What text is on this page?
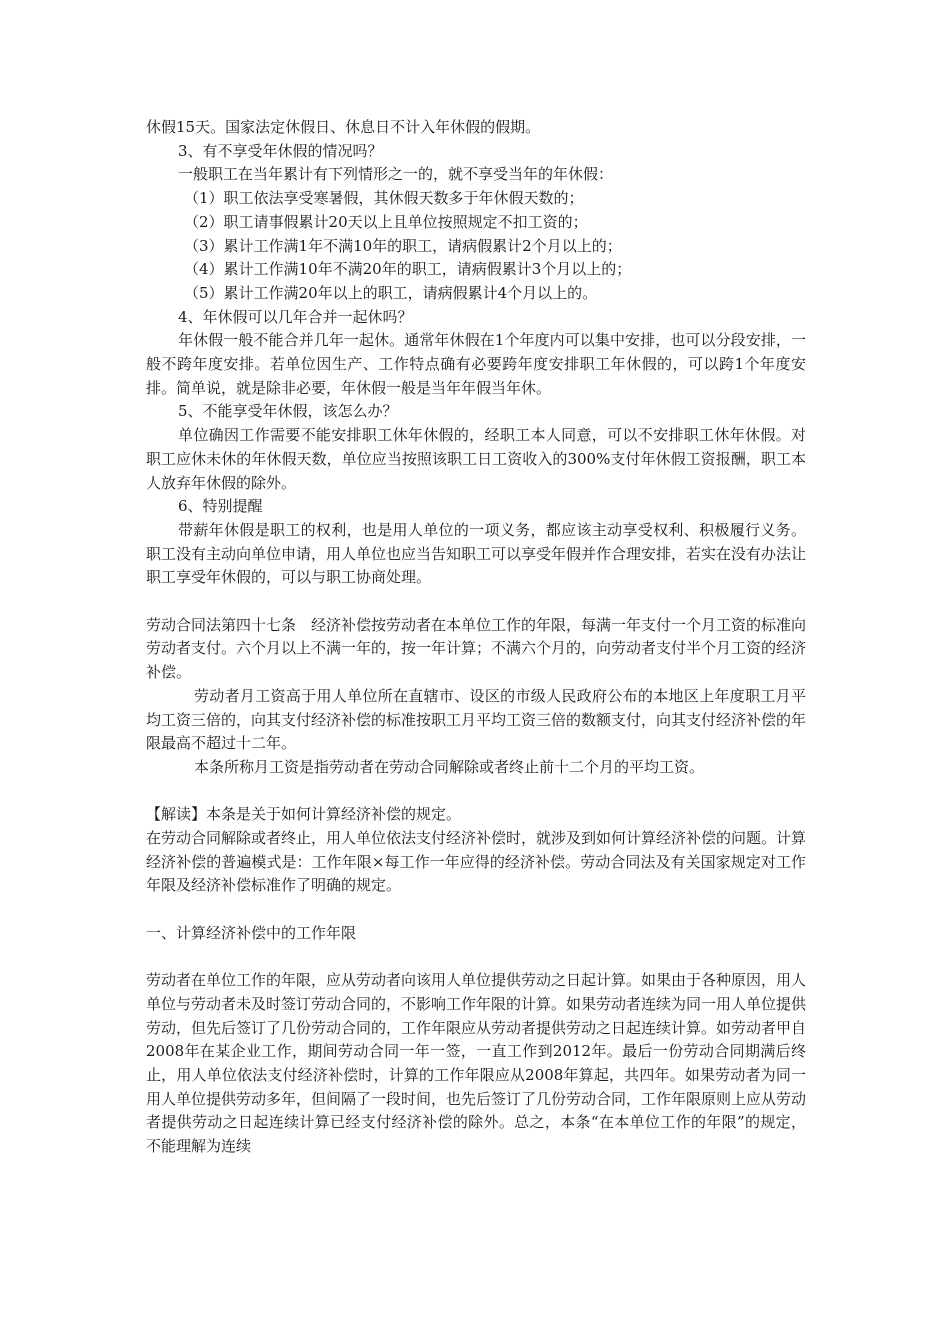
休假15天。国家法定休假日、休息日不计入年休假的假期。

3、有不享受年休假的情况吗？

一般职工在当年累计有下列情形之一的，就不享受当年的年休假：

（1）职工依法享受寒暑假，其休假天数多于年休假天数的；

（2）职工请事假累计20天以上且单位按照规定不扣工资的；

（3）累计工作满1年不满10年的职工，请病假累计2个月以上的；

（4）累计工作满10年不满20年的职工，请病假累计3个月以上的；

（5）累计工作满20年以上的职工，请病假累计4个月以上的。

4、年休假可以几年合并一起休吗？

年休假一般不能合并几年一起休。通常年休假在1个年度内可以集中安排，也可以分段安排，一般不跨年度安排。若单位因生产、工作特点确有必要跨年度安排职工年休假的，可以跨1个年度安排。简单说，就是除非必要，年休假一般是当年年假当年休。

5、不能享受年休假，该怎么办？

单位确因工作需要不能安排职工休年休假的，经职工本人同意，可以不安排职工休年休假。对职工应休未休的年休假天数，单位应当按照该职工日工资收入的300%支付年休假工资报酬，职工本人放弃年休假的除外。

6、特别提醒

带薪年休假是职工的权利，也是用人单位的一项义务，都应该主动享受权利、积极履行义务。职工没有主动向单位申请，用人单位也应当告知职工可以享受年假并作合理安排，若实在没有办法让职工享受年休假的，可以与职工协商处理。

劳动合同法第四十七条　经济补偿按劳动者在本单位工作的年限，每满一年支付一个月工资的标准向劳动者支付。六个月以上不满一年的，按一年计算；不满六个月的，向劳动者支付半个月工资的经济补偿。

劳动者月工资高于用人单位所在直辖市、设区的市级人民政府公布的本地区上年度职工月平均工资三倍的，向其支付经济补偿的标准按职工月平均工资三倍的数额支付，向其支付经济补偿的年限最高不超过十二年。

本条所称月工资是指劳动者在劳动合同解除或者终止前十二个月的平均工资。

【解读】本条是关于如何计算经济补偿的规定。

在劳动合同解除或者终止，用人单位依法支付经济补偿时，就涉及到如何计算经济补偿的问题。计算经济补偿的普遍模式是：工作年限×每工作一年应得的经济补偿。劳动合同法及有关国家规定对工作年限及经济补偿标准作了明确的规定。

一、计算经济补偿中的工作年限

劳动者在单位工作的年限，应从劳动者向该用人单位提供劳动之日起计算。如果由于各种原因，用人单位与劳动者未及时签订劳动合同的，不影响工作年限的计算。如果劳动者连续为同一用人单位提供劳动，但先后签订了几份劳动合同的，工作年限应从劳动者提供劳动之日起连续计算。如劳动者甲自2008年在某企业工作，期间劳动合同一年一签，一直工作到2012年。最后一份劳动合同期满后终止，用人单位依法支付经济补偿时，计算的工作年限应从2008年算起，共四年。如果劳动者为同一用人单位提供劳动多年，但间隔了一段时间，也先后签订了几份劳动合同，工作年限原则上应从劳动者提供劳动之日起连续计算已经支付经济补偿的除外。总之，本条“在本单位工作的年限”的规定，不能理解为连续
